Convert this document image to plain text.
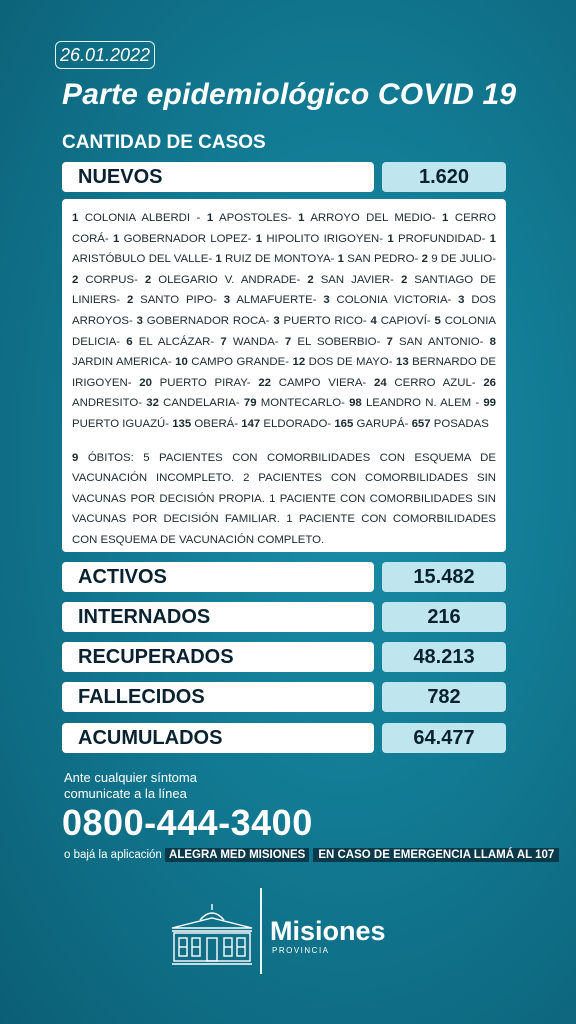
26.01.2022
Parte epidemiológico COVID 19
CANTIDAD DE CASOS
NUEVOS	1.620

1 COLONIA ALBERDI - 1 APOSTOLES- 1 ARROYO DEL MEDIO- 1 CERRO CORÁ- 1 GOBERNADOR LOPEZ- 1 HIPOLITO IRIGOYEN- 1 PROFUNDIDAD- 1 ARISTÓBULO DEL VALLE- 1 RUIZ DE MONTOYA- 1 SAN PEDRO- 2 9 DE JULIO- 2 CORPUS- 2 OLEGARIO V. ANDRADE- 2 SAN JAVIER- 2 SANTIAGO DE LINIERS- 2 SANTO PIPO- 3 ALMAFUERTE- 3 COLONIA VICTORIA- 3 DOS ARROYOS- 3 GOBERNADOR ROCA- 3 PUERTO RICO- 4 CAPIOVÍ- 5 COLONIA DELICIA- 6 EL ALCÁZAR- 7 WANDA- 7 EL SOBERBIO- 7 SAN ANTONIO- 8 JARDIN AMERICA- 10 CAMPO GRANDE- 12 DOS DE MAYO- 13 BERNARDO DE IRIGOYEN- 20 PUERTO PIRAY- 22 CAMPO VIERA- 24 CERRO AZUL- 26 ANDRESITO- 32 CANDELARIA- 79 MONTECARLO- 98 LEANDRO N. ALEM - 99 PUERTO IGUAZÚ- 135 OBERÁ- 147 ELDORADO- 165 GARUPÁ- 657 POSADAS

9 ÓBITOS: 5 PACIENTES CON COMORBILIDADES CON ESQUEMA DE VACUNACIÓN INCOMPLETO. 2 PACIENTES CON COMORBILIDADES SIN VACUNAS POR DECISIÓN PROPIA. 1 PACIENTE CON COMORBILIDADES SIN VACUNAS POR DECISIÓN FAMILIAR. 1 PACIENTE CON COMORBILIDADES CON ESQUEMA DE VACUNACIÓN COMPLETO.

ACTIVOS	15.482
INTERNADOS	216
RECUPERADOS	48.213
FALLECIDOS	782
ACUMULADOS	64.477
Ante cualquier síntoma
comunicate a la línea
0800-444-3400
o bajá la aplicación ALEGRA MED MISIONES EN CASO DE EMERGENCIA LLAMÁ AL 107
Misiones
PROVINCIA
